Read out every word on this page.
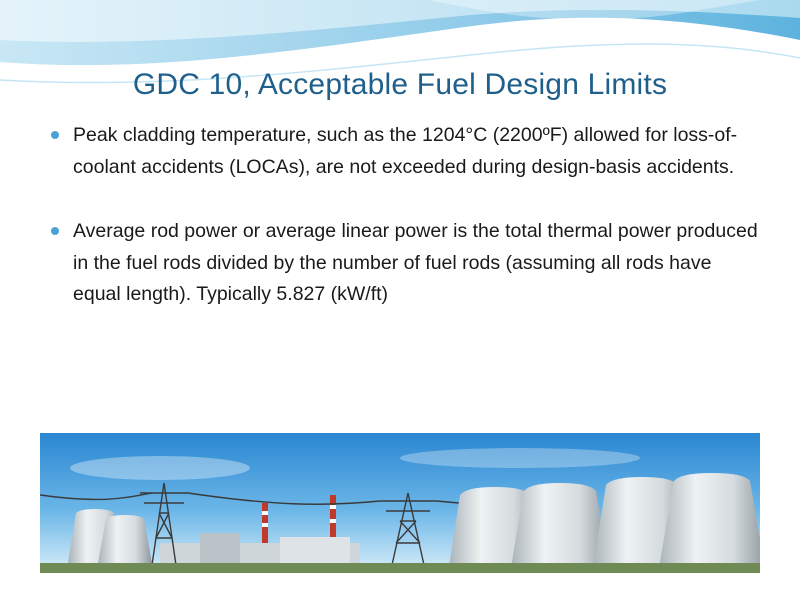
GDC 10, Acceptable Fuel Design Limits
Peak cladding temperature, such as the 1204°C (2200ºF) allowed for loss-of-coolant accidents (LOCAs), are not exceeded during design-basis accidents.
Average rod power or average linear power is the total thermal power produced in the fuel rods divided by the number of fuel rods (assuming all rods have equal length). Typically 5.827 (kW/ft)
